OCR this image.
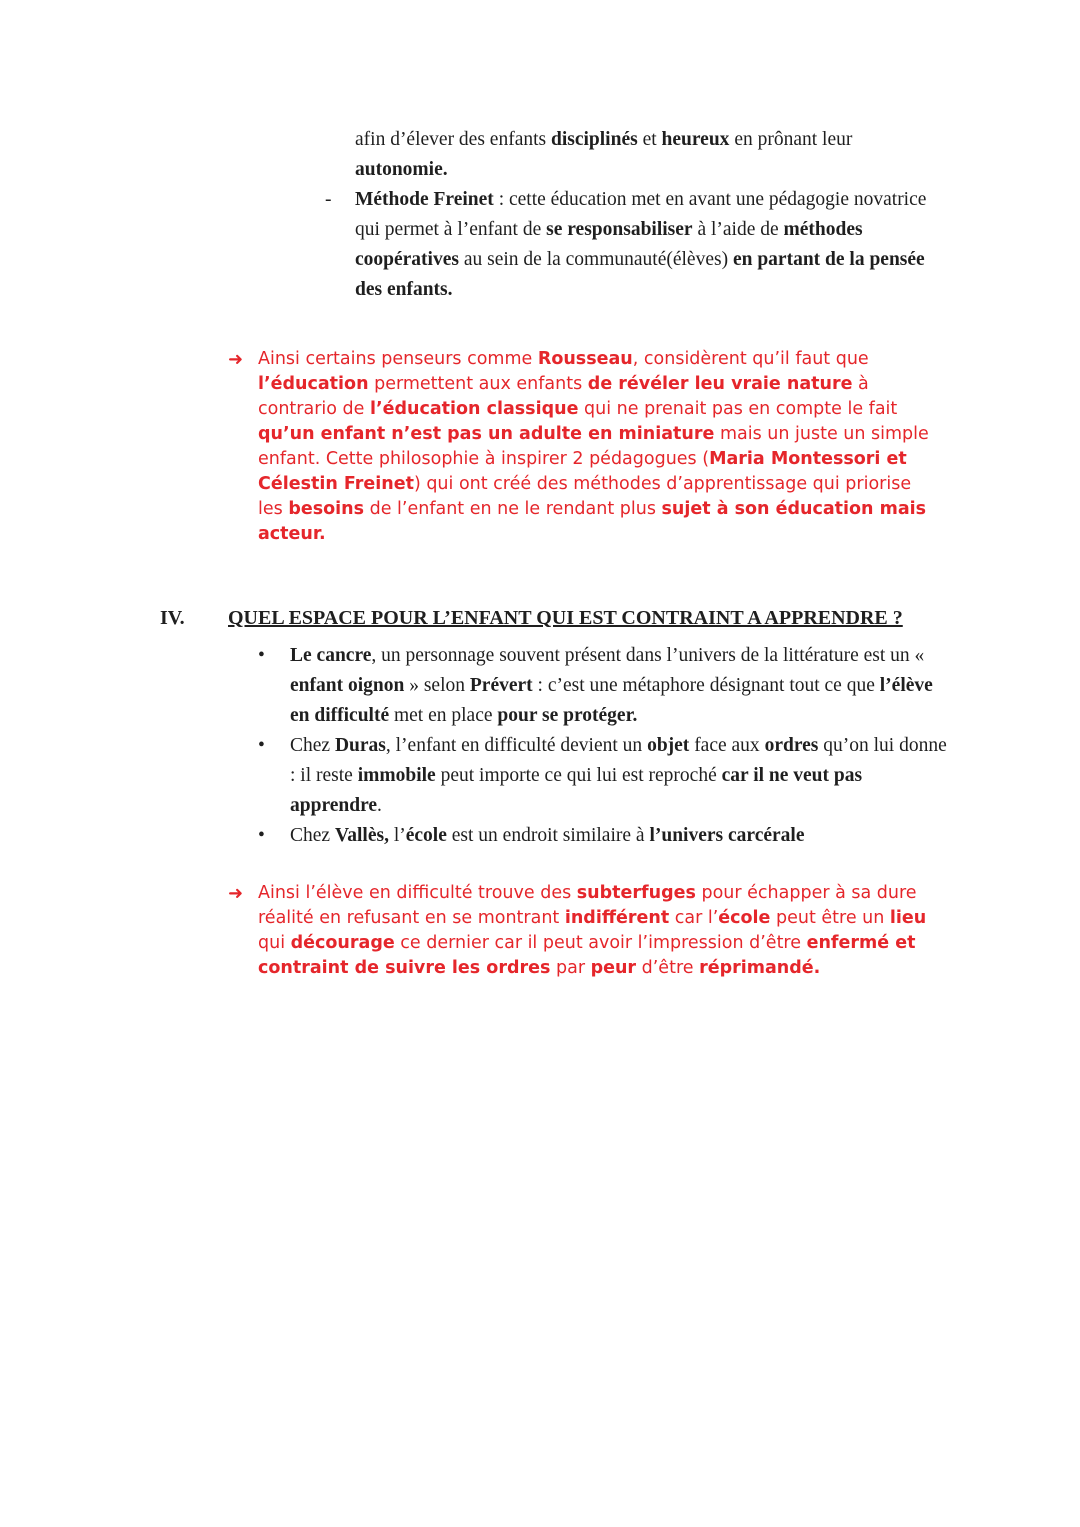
afin d’élever des enfants disciplinés et heureux en prônant leur autonomie.
-	Méthode Freinet : cette éducation met en avant une pédagogie novatrice qui permet à l’enfant de se responsabiliser à l’aide de méthodes coopératives au sein de la communauté(élèves) en partant de la pensée des enfants.
➜ Ainsi certains penseurs comme Rousseau, considèrent qu’il faut que l’éducation permettent aux enfants de révéler leu vraie nature à contrario de l’éducation classique qui ne prenait pas en compte le fait qu’un enfant n’est pas un adulte en miniature mais un juste un simple enfant. Cette philosophie à inspirer 2 pédagogues (Maria Montessori et Célestin Freinet) qui ont créé des méthodes d’apprentissage qui priorise les besoins de l’enfant en ne le rendant plus sujet à son éducation mais acteur.
IV.	QUEL ESPACE POUR L’ENFANT QUI EST CONTRAINT A APPRENDRE ?
•	Le cancre, un personnage souvent présent dans l’univers de la littérature est un « enfant oignon » selon Prévert : c’est une métaphore désignant tout ce que l’élève en difficulté met en place pour se protéger.
•	Chez Duras, l’enfant en difficulté devient un objet face aux ordres qu’on lui donne : il reste immobile peut importe ce qui lui est reproché car il ne veut pas apprendre.
•	Chez Vallès, l’école est un endroit similaire à l’univers carcérale
➜ Ainsi l’élève en difficulté trouve des subterfuges pour échapper à sa dure réalité en refusant en se montrant indifférent car l’école peut être un lieu qui décourage ce dernier car il peut avoir l’impression d’être enfermé et contraint de suivre les ordres par peur d’être réprimandé.
